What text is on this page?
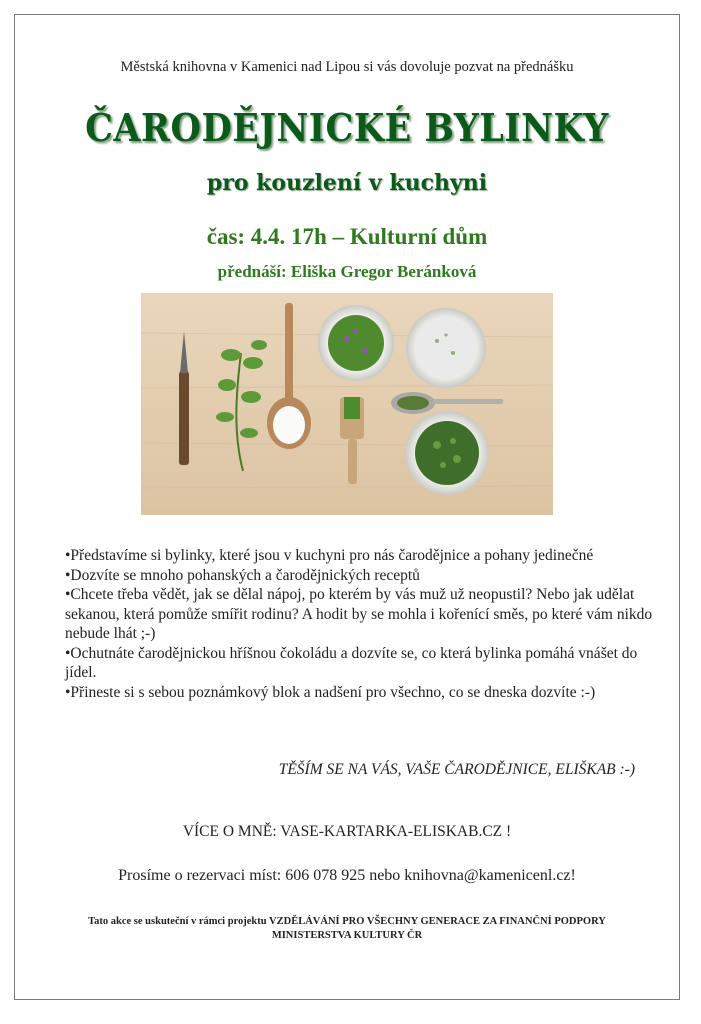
Městská knihovna v Kamenici nad Lipou si vás dovoluje pozvat na přednášku
ČARODĚJNICKÉ BYLINKY
pro kouzlení v kuchyni
čas: 4.4. 17h – Kulturní dům
přednáší: Eliška Gregor Beránková

•Představíme si bylinky, které jsou v kuchyni pro nás čarodějnice a pohany jedinečné

•Dozvíte se mnoho pohanských a čarodějnických receptů

•Chcete třeba vědět, jak se dělal nápoj, po kterém by vás muž už neopustil? Nebo jak udělat sekanou, která pomůže smířit rodinu? A hodit by se mohla i kořenící směs, po které vám nikdo nebude lhát ;-)

•Ochutnáte čarodějnickou hříšnou čokoládu a dozvíte se, co která bylinka pomáhá vnášet do jídel.

•Přineste si s sebou poznámkový blok a nadšení pro všechno, co se dneska dozvíte :-)

TĚŠÍM SE NA VÁS, VAŠE ČARODĚJNICE, ELIŠKAB :-)
VÍCE O MNĚ: VASE-KARTARKA-ELISKAB.CZ !
Prosíme o rezervaci míst: 606 078 925 nebo knihovna@kamenicenl.cz!
Tato akce se uskuteční v rámci projektu VZDĚLÁVÁNÍ PRO VŠECHNY GENERACE ZA FINANČNÍ PODPORY
MINISTERSTVA KULTURY ČR
